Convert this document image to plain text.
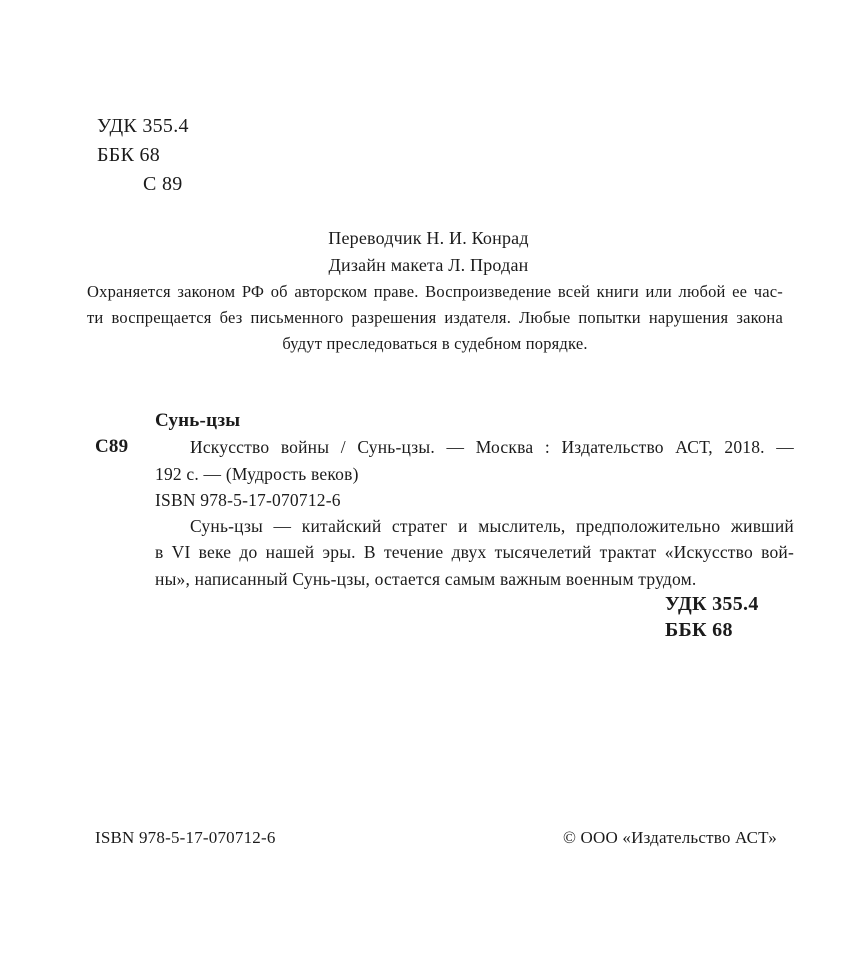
УДК 355.4
ББК 68
С 89
Переводчик Н. И. Конрад
Дизайн макета Л. Продан
Охраняется законом РФ об авторском праве. Воспроизведение всей книги или любой ее час-
ти воспрещается без письменного разрешения издателя. Любые попытки нарушения закона
будут преследоваться в судебном порядке.
Сунь-цзы
С89	Искусство войны / Сунь-цзы. — Москва : Издательство АСТ, 2018. —
192 с. — (Мудрость веков)
ISBN 978-5-17-070712-6
Сунь-цзы — китайский стратег и мыслитель, предположительно живший
в VI веке до нашей эры. В течение двух тысячелетий трактат «Искусство вой-
ны», написанный Сунь-цзы, остается самым важным военным трудом.
УДК 355.4
ББК 68
ISBN 978-5-17-070712-6	© ООО «Издательство АСТ»
